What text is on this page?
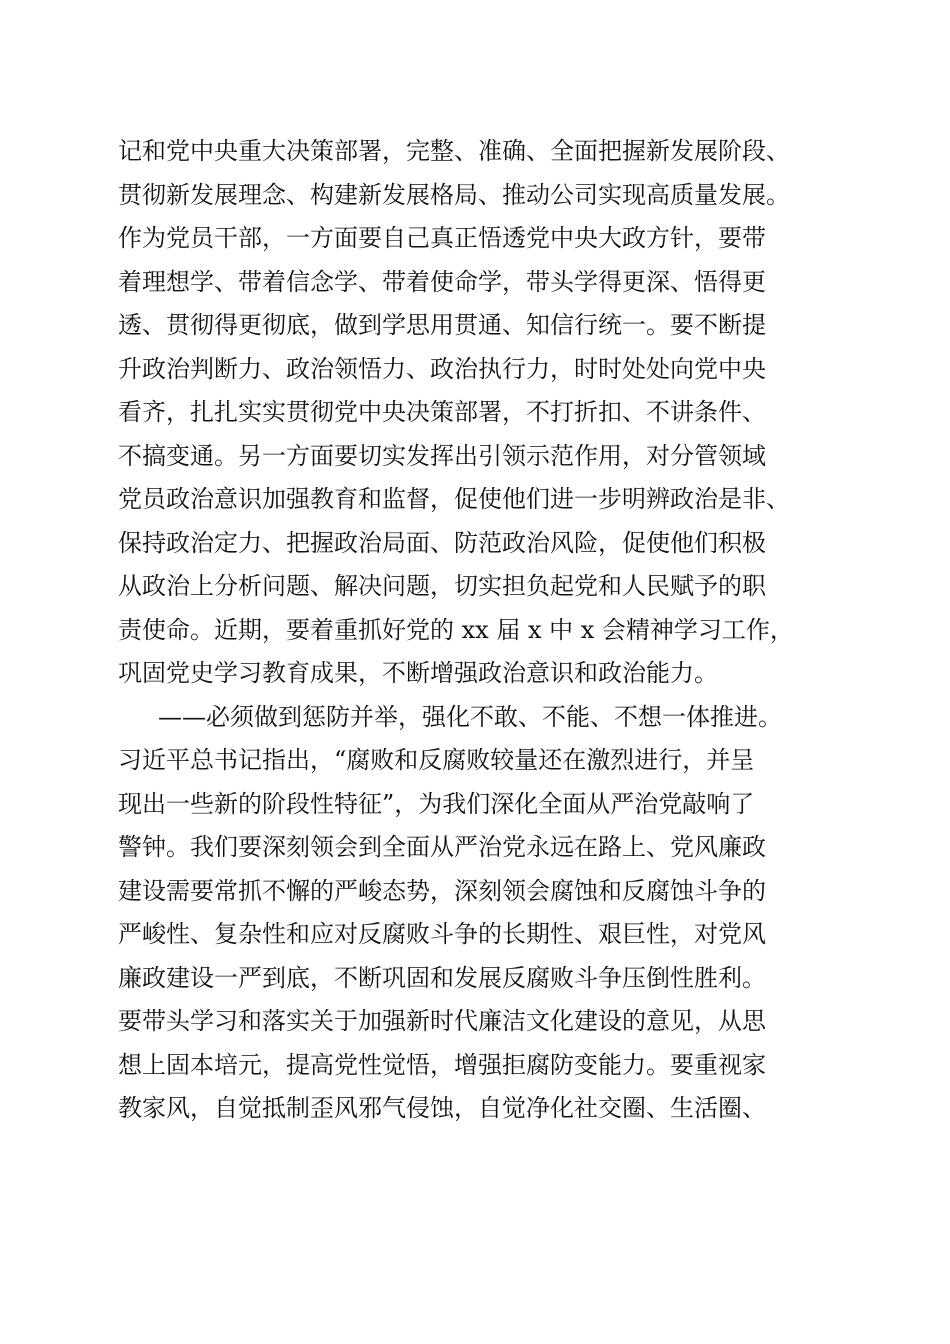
记和党中央重大决策部署，完整、准确、全面把握新发展阶段、
贯彻新发展理念、构建新发展格局、推动公司实现高质量发展。
作为党员干部，一方面要自己真正悟透党中央大政方针，要带
着理想学、带着信念学、带着使命学，带头学得更深、悟得更
透、贯彻得更彻底，做到学思用贯通、知信行统一。要不断提
升政治判断力、政治领悟力、政治执行力，时时处处向党中央
看齐，扎扎实实贯彻党中央决策部署，不打折扣、不讲条件、
不搞变通。另一方面要切实发挥出引领示范作用，对分管领域
党员政治意识加强教育和监督，促使他们进一步明辨政治是非、
保持政治定力、把握政治局面、防范政治风险，促使他们积极
从政治上分析问题、解决问题，切实担负起党和人民赋予的职
责使命。近期，要着重抓好党的 xx 届 x 中 x 会精神学习工作，
巩固党史学习教育成果，不断增强政治意识和政治能力。
——必须做到惩防并举，强化不敢、不能、不想一体推进。
习近平总书记指出，“腐败和反腐败较量还在激烈进行，并呈
现出一些新的阶段性特征”，为我们深化全面从严治党敲响了
警钟。我们要深刻领会到全面从严治党永远在路上、党风廉政
建设需要常抓不懈的严峻态势，深刻领会腐蚀和反腐蚀斗争的
严峻性、复杂性和应对反腐败斗争的长期性、艰巨性，对党风
廉政建设一严到底，不断巩固和发展反腐败斗争压倒性胜利。
要带头学习和落实关于加强新时代廉洁文化建设的意见，从思
想上固本培元，提高党性觉悟，增强拒腐防变能力。要重视家
教家风，自觉抵制歪风邪气侵蚀，自觉净化社交圈、生活圈、
